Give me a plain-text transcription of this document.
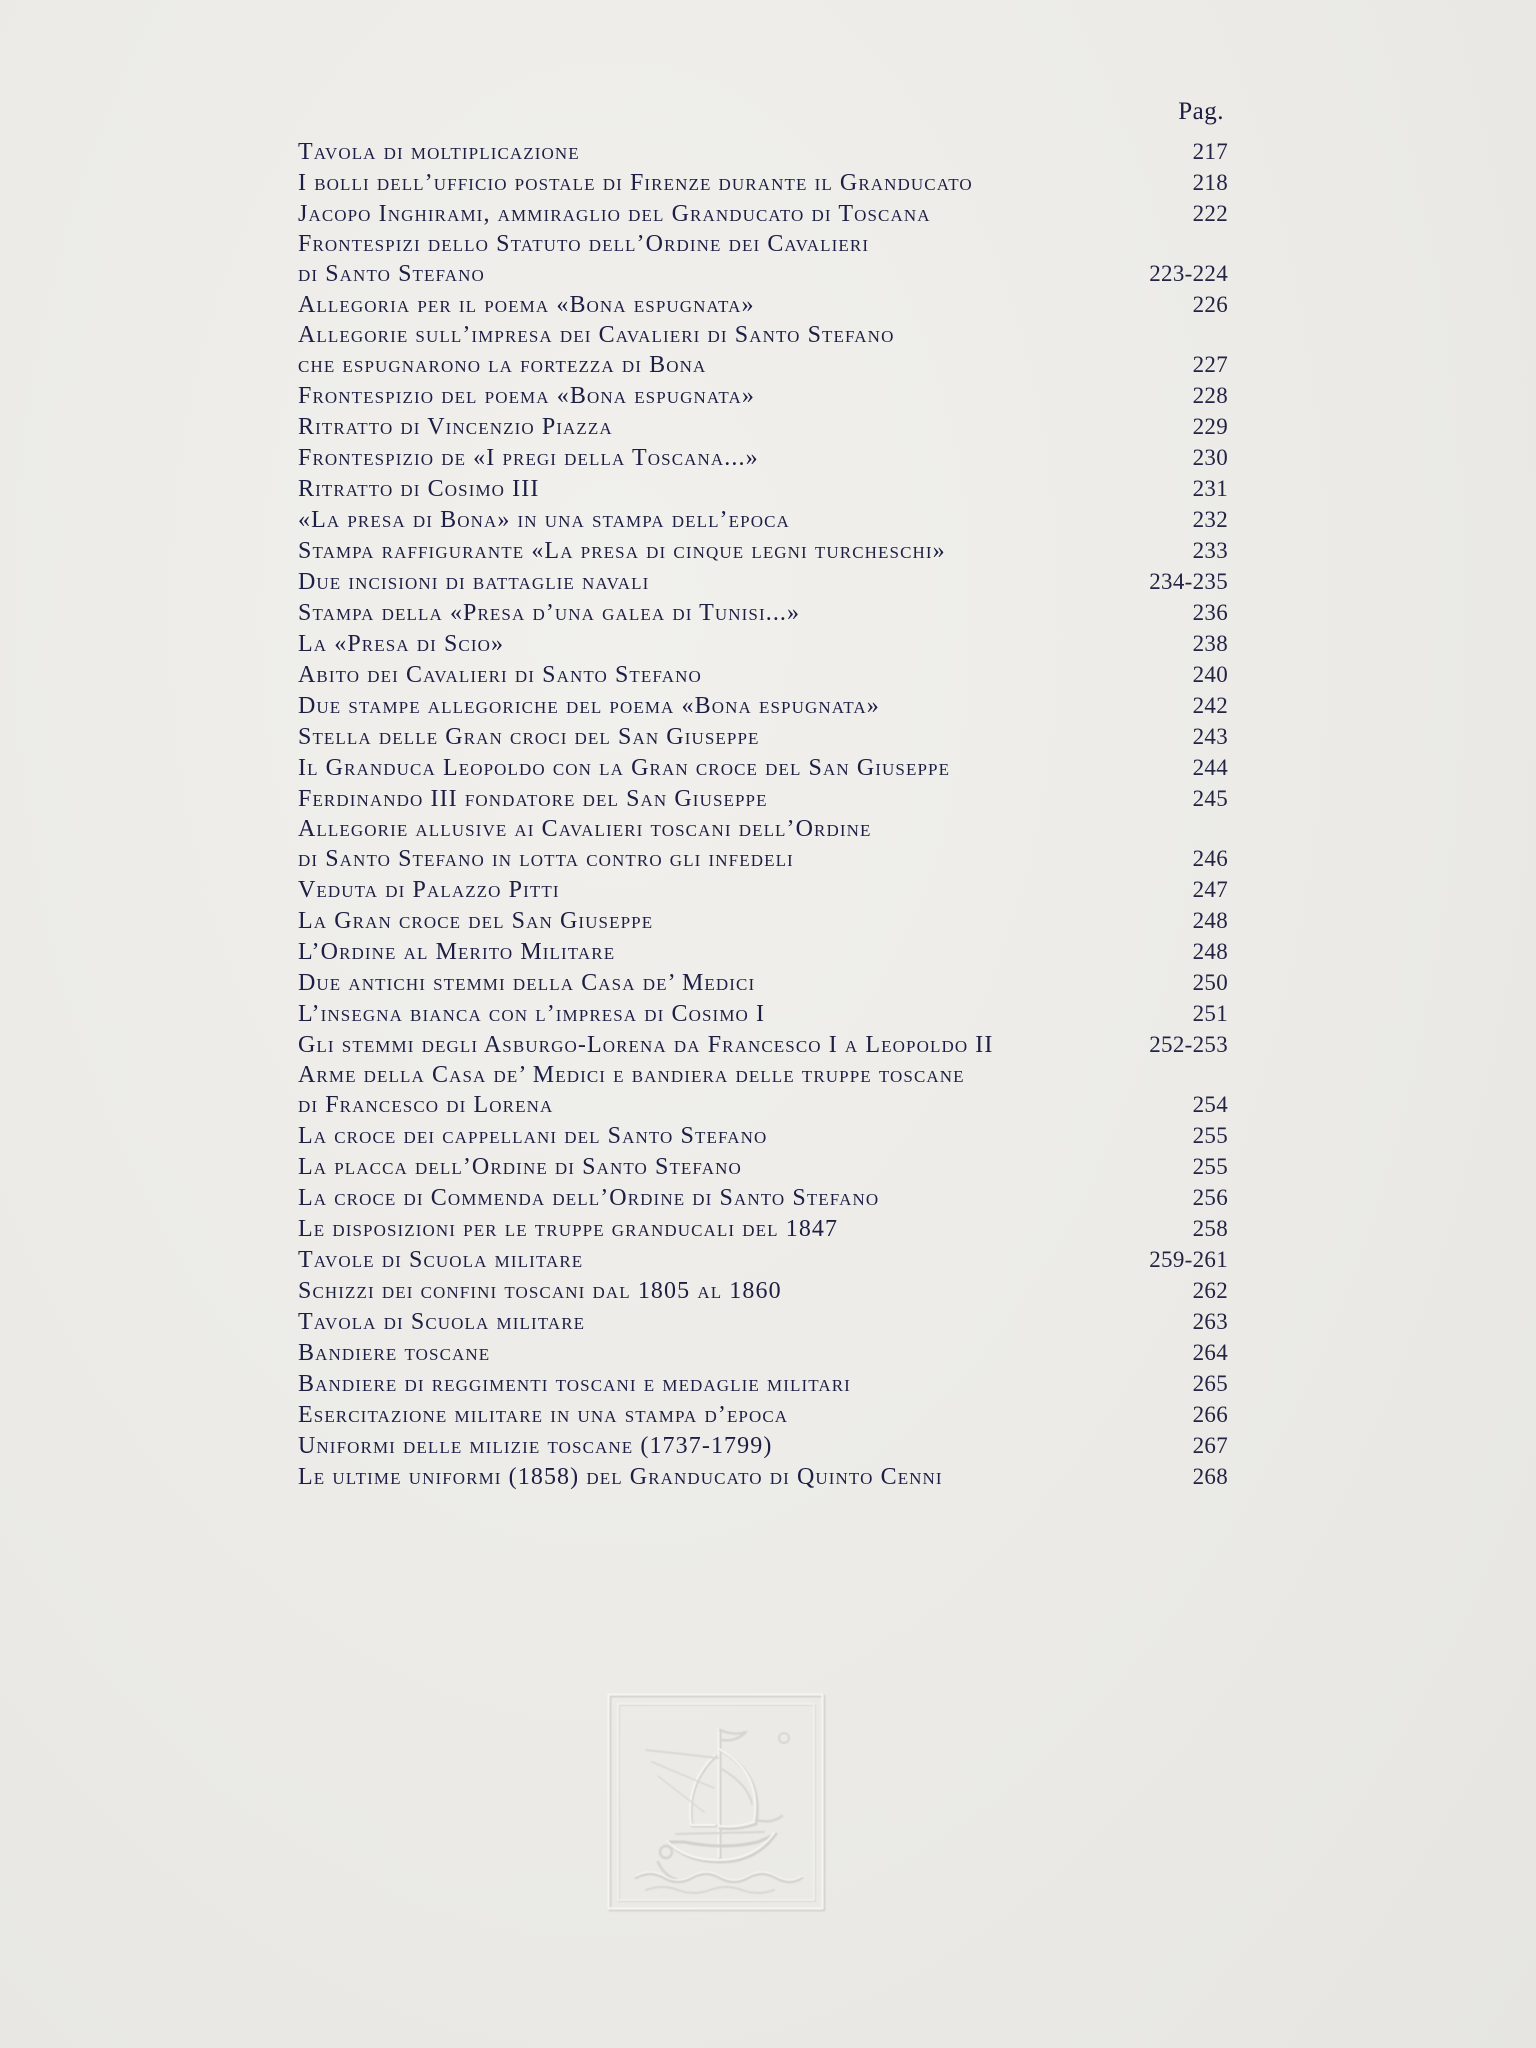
Pag.
Tavola di moltiplicazione	217
I bolli dell’ufficio postale di Firenze durante il Granducato	218
Jacopo Inghirami, ammiraglio del Granducato di Toscana	222
Frontespizi dello Statuto dell’Ordine dei Cavalieri
di Santo Stefano	223-224
Allegoria per il poema «Bona espugnata»	226
Allegorie sull’impresa dei Cavalieri di Santo Stefano
che espugnarono la fortezza di Bona	227
Frontespizio del poema «Bona espugnata»	228
Ritratto di Vincenzio Piazza	229
Frontespizio de «I pregi della Toscana...»	230
Ritratto di Cosimo III	231
«La presa di Bona» in una stampa dell’epoca	232
Stampa raffigurante «La presa di cinque legni turcheschi»	233
Due incisioni di battaglie navali	234-235
Stampa della «Presa d’una galea di Tunisi...»	236
La «Presa di Scio»	238
Abito dei Cavalieri di Santo Stefano	240
Due stampe allegoriche del poema «Bona espugnata»	242
Stella delle Gran croci del San Giuseppe	243
Il Granduca Leopoldo con la Gran croce del San Giuseppe	244
Ferdinando III fondatore del San Giuseppe	245
Allegorie allusive ai Cavalieri toscani dell’Ordine
di Santo Stefano in lotta contro gli infedeli	246
Veduta di Palazzo Pitti	247
La Gran croce del San Giuseppe	248
L’Ordine al Merito Militare	248
Due antichi stemmi della Casa de’ Medici	250
L’insegna bianca con l’impresa di Cosimo I	251
Gli stemmi degli Asburgo-Lorena da Francesco I a Leopoldo II	252-253
Arme della Casa de’ Medici e bandiera delle truppe toscane
di Francesco di Lorena	254
La croce dei cappellani del Santo Stefano	255
La placca dell’Ordine di Santo Stefano	255
La croce di Commenda dell’Ordine di Santo Stefano	256
Le disposizioni per le truppe granducali del 1847	258
Tavole di Scuola militare	259-261
Schizzi dei confini toscani dal 1805 al 1860	262
Tavola di Scuola militare	263
Bandiere toscane	264
Bandiere di reggimenti toscani e medaglie militari	265
Esercitazione militare in una stampa d’epoca	266
Uniformi delle milizie toscane (1737-1799)	267
Le ultime uniformi (1858) del Granducato di Quinto Cenni	268
